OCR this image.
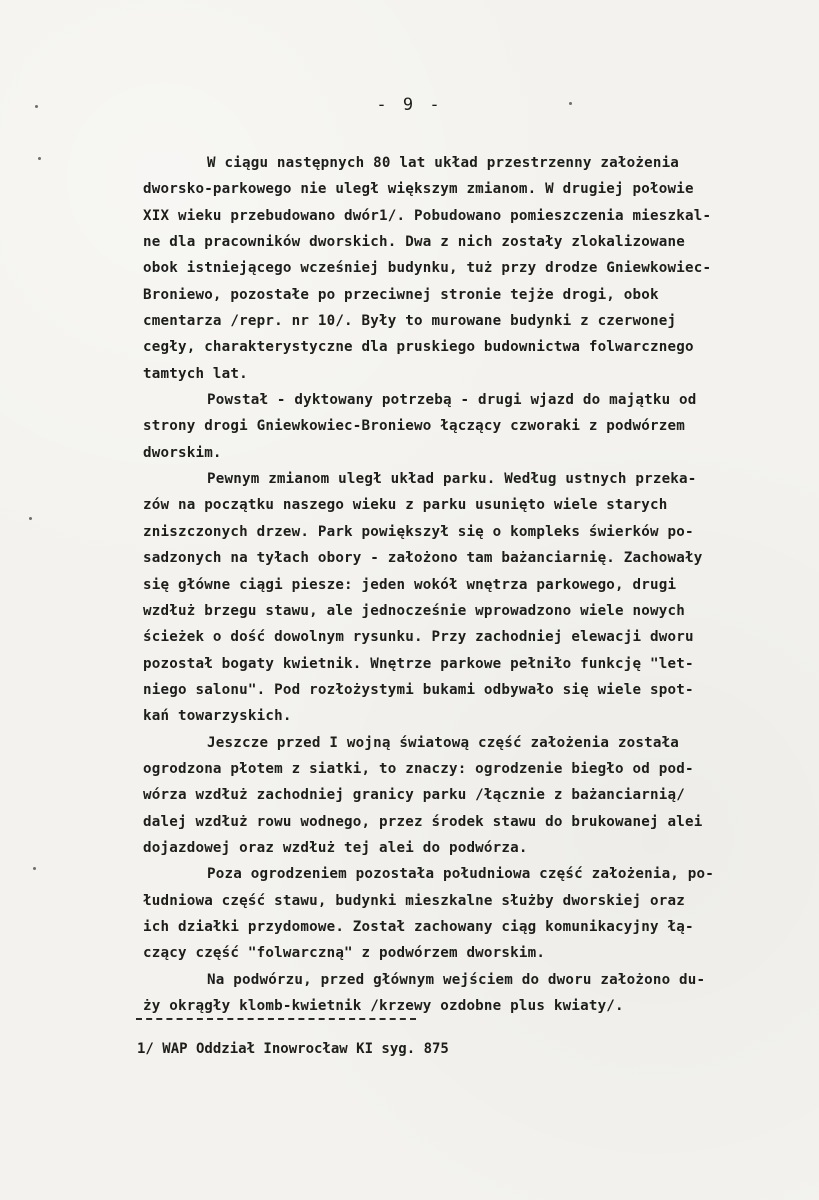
- 9 -
W ciągu następnych 80 lat układ przestrzenny założenia
dworsko-parkowego nie uległ większym zmianom. W drugiej połowie
XIX wieku przebudowano dwór1/. Pobudowano pomieszczenia mieszkal-
ne dla pracowników dworskich. Dwa z nich zostały zlokalizowane
obok istniejącego wcześniej budynku, tuż przy drodze Gniewkowiec-
Broniewo, pozostałe po przeciwnej stronie tejże drogi, obok
cmentarza /repr. nr 10/. Były to murowane budynki z czerwonej
cegły, charakterystyczne dla pruskiego budownictwa folwarcznego
tamtych lat.
Powstał - dyktowany potrzebą - drugi wjazd do majątku od
strony drogi Gniewkowiec-Broniewo łączący czworaki z podwórzem
dworskim.
Pewnym zmianom uległ układ parku. Według ustnych przeka-
zów na początku naszego wieku z parku usunięto wiele starych
zniszczonych drzew. Park powiększył się o kompleks świerków po-
sadzonych na tyłach obory - założono tam bażanciarnię. Zachowały
się główne ciągi piesze: jeden wokół wnętrza parkowego, drugi
wzdłuż brzegu stawu, ale jednocześnie wprowadzono wiele nowych
ścieżek o dość dowolnym rysunku. Przy zachodniej elewacji dworu
pozostał bogaty kwietnik. Wnętrze parkowe pełniło funkcję "let-
niego salonu". Pod rozłożystymi bukami odbywało się wiele spot-
kań towarzyskich.
Jeszcze przed I wojną światową część założenia została
ogrodzona płotem z siatki, to znaczy: ogrodzenie biegło od pod-
wórza wzdłuż zachodniej granicy parku /łącznie z bażanciarnią/
dalej wzdłuż rowu wodnego, przez środek stawu do brukowanej alei
dojazdowej oraz wzdłuż tej alei do podwórza.
Poza ogrodzeniem pozostała południowa część założenia, po-
łudniowa część stawu, budynki mieszkalne służby dworskiej oraz
ich działki przydomowe. Został zachowany ciąg komunikacyjny łą-
czący część "folwarczną" z podwórzem dworskim.
Na podwórzu, przed głównym wejściem do dworu założono du-
ży okrągły klomb-kwietnik /krzewy ozdobne plus kwiaty/.
1/ WAP Oddział Inowrocław KI syg. 875
